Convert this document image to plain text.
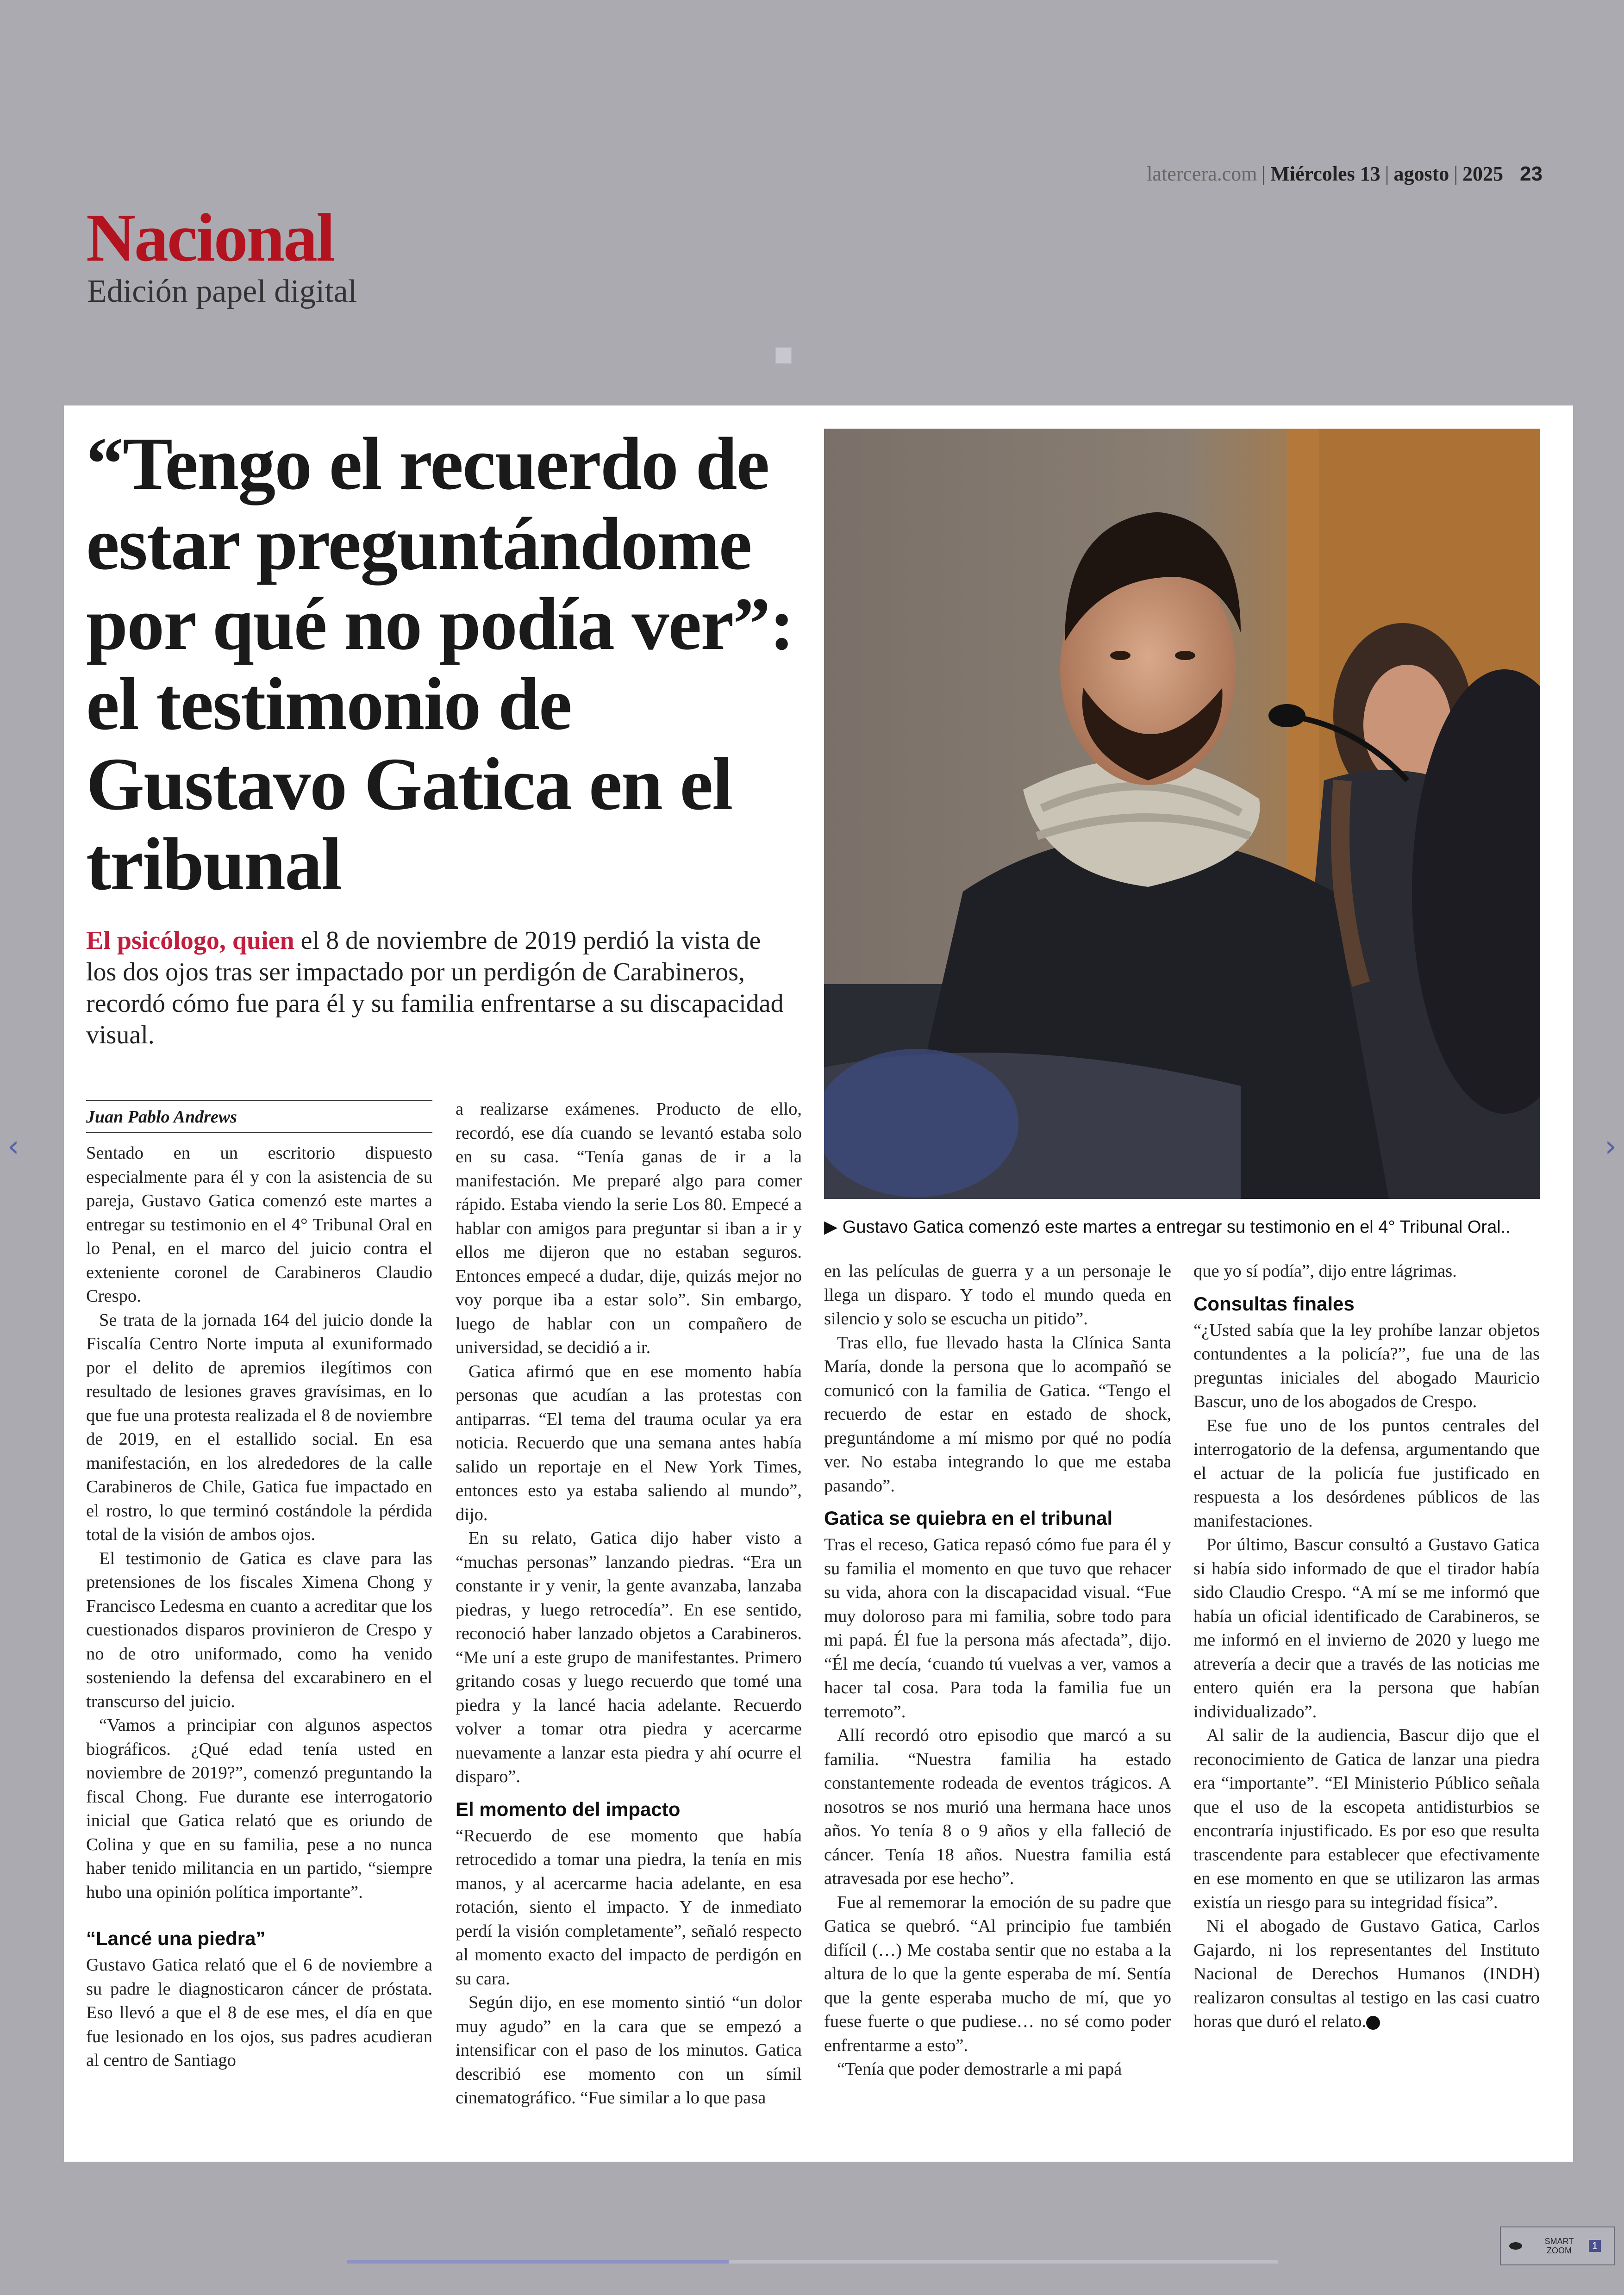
latercera.com | Miércoles 13 | agosto | 2025 23
Nacional
Edición papel digital
“Tengo el recuerdo de estar preguntándome por qué no podía ver”: el testimonio de Gustavo Gatica en el tribunal

El psicólogo, quien el 8 de noviembre de 2019 perdió la vista de los dos ojos tras ser impactado por un perdigón de Carabineros, recordó cómo fue para él y su familia enfrentarse a su discapacidad visual.

▶ Gustavo Gatica comenzó este martes a entregar su testimonio en el 4° Tribunal Oral..
Juan Pablo Andrews

Sentado en un escritorio dispuesto especialmente para él y con la asistencia de su pareja, Gustavo Gatica comenzó este martes a entregar su testimonio en el 4° Tribunal Oral en lo Penal, en el marco del juicio contra el exteniente coronel de Carabineros Claudio Crespo.

Se trata de la jornada 164 del juicio donde la Fiscalía Centro Norte imputa al exuniformado por el delito de apremios ilegítimos con resultado de lesiones graves gravísimas, en lo que fue una protesta realizada el 8 de noviembre de 2019, en el estallido social. En esa manifestación, en los alrededores de la calle Carabineros de Chile, Gatica fue impactado en el rostro, lo que terminó costándole la pérdida total de la visión de ambos ojos.

El testimonio de Gatica es clave para las pretensiones de los fiscales Ximena Chong y Francisco Ledesma en cuanto a acreditar que los cuestionados disparos provinieron de Crespo y no de otro uniformado, como ha venido sosteniendo la defensa del excarabinero en el transcurso del juicio.

“Vamos a principiar con algunos aspectos biográficos. ¿Qué edad tenía usted en noviembre de 2019?”, comenzó preguntando la fiscal Chong. Fue durante ese interrogatorio inicial que Gatica relató que es oriundo de Colina y que en su familia, pese a no nunca haber tenido militancia en un partido, “siempre hubo una opinión política importante”.

“Lancé una piedra”

Gustavo Gatica relató que el 6 de noviembre a su padre le diagnosticaron cáncer de próstata. Eso llevó a que el 8 de ese mes, el día en que fue lesionado en los ojos, sus padres acudieran al centro de Santiago

a realizarse exámenes. Producto de ello, recordó, ese día cuando se levantó estaba solo en su casa. “Tenía ganas de ir a la manifestación. Me preparé algo para comer rápido. Estaba viendo la serie Los 80. Empecé a hablar con amigos para preguntar si iban a ir y ellos me dijeron que no estaban seguros. Entonces empecé a dudar, dije, quizás mejor no voy porque iba a estar solo”. Sin embargo, luego de hablar con un compañero de universidad, se decidió a ir.

Gatica afirmó que en ese momento había personas que acudían a las protestas con antiparras. “El tema del trauma ocular ya era noticia. Recuerdo que una semana antes había salido un reportaje en el New York Times, entonces esto ya estaba saliendo al mundo”, dijo.

En su relato, Gatica dijo haber visto a “muchas personas” lanzando piedras. “Era un constante ir y venir, la gente avanzaba, lanzaba piedras, y luego retrocedía”. En ese sentido, reconoció haber lanzado objetos a Carabineros. “Me uní a este grupo de manifestantes. Primero gritando cosas y luego recuerdo que tomé una piedra y la lancé hacia adelante. Recuerdo volver a tomar otra piedra y acercarme nuevamente a lanzar esta piedra y ahí ocurre el disparo”.

El momento del impacto

“Recuerdo de ese momento que había retrocedido a tomar una piedra, la tenía en mis manos, y al acercarme hacia adelante, en esa rotación, siento el impacto. Y de inmediato perdí la visión completamente”, señaló respecto al momento exacto del impacto de perdigón en su cara.

Según dijo, en ese momento sintió “un dolor muy agudo” en la cara que se empezó a intensificar con el paso de los minutos. Gatica describió ese momento con un símil cinematográfico. “Fue similar a lo que pasa

en las películas de guerra y a un personaje le llega un disparo. Y todo el mundo queda en silencio y solo se escucha un pitido”.

Tras ello, fue llevado hasta la Clínica Santa María, donde la persona que lo acompañó se comunicó con la familia de Gatica. “Tengo el recuerdo de estar en estado de shock, preguntándome a mí mismo por qué no podía ver. No estaba integrando lo que me estaba pasando”.

Gatica se quiebra en el tribunal

Tras el receso, Gatica repasó cómo fue para él y su familia el momento en que tuvo que rehacer su vida, ahora con la discapacidad visual. “Fue muy doloroso para mi familia, sobre todo para mi papá. Él fue la persona más afectada”, dijo. “Él me decía, ‘cuando tú vuelvas a ver, vamos a hacer tal cosa. Para toda la familia fue un terremoto”.

Allí recordó otro episodio que marcó a su familia. “Nuestra familia ha estado constantemente rodeada de eventos trágicos. A nosotros se nos murió una hermana hace unos años. Yo tenía 8 o 9 años y ella falleció de cáncer. Tenía 18 años. Nuestra familia está atravesada por ese hecho”.

Fue al rememorar la emoción de su padre que Gatica se quebró. “Al principio fue también difícil (…) Me costaba sentir que no estaba a la altura de lo que la gente esperaba de mí. Sentía que la gente esperaba mucho de mí, que yo fuese fuerte o que pudiese… no sé como poder enfrentarme a esto”.

“Tenía que poder demostrarle a mi papá

que yo sí podía”, dijo entre lágrimas.

Consultas finales

“¿Usted sabía que la ley prohíbe lanzar objetos contundentes a la policía?”, fue una de las preguntas iniciales del abogado Mauricio Bascur, uno de los abogados de Crespo.

Ese fue uno de los puntos centrales del interrogatorio de la defensa, argumentando que el actuar de la policía fue justificado en respuesta a los desórdenes públicos de las manifestaciones.

Por último, Bascur consultó a Gustavo Gatica si había sido informado de que el tirador había sido Claudio Crespo. “A mí se me informó que había un oficial identificado de Carabineros, se me informó en el invierno de 2020 y luego me atrevería a decir que a través de las noticias me entero quién era la persona que habían individualizado”.

Al salir de la audiencia, Bascur dijo que el reconocimiento de Gatica de lanzar una piedra era “importante”. “El Ministerio Público señala que el uso de la escopeta antidisturbios se encontraría injustificado. Es por eso que resulta trascendente para establecer que efectivamente en ese momento en que se utilizaron las armas existía un riesgo para su integridad física”.

Ni el abogado de Gustavo Gatica, Carlos Gajardo, ni los representantes del Instituto Nacional de Derechos Humanos (INDH) realizaron consultas al testigo en las casi cuatro horas que duró el relato.

‹	›
SMART ZOOM	1
